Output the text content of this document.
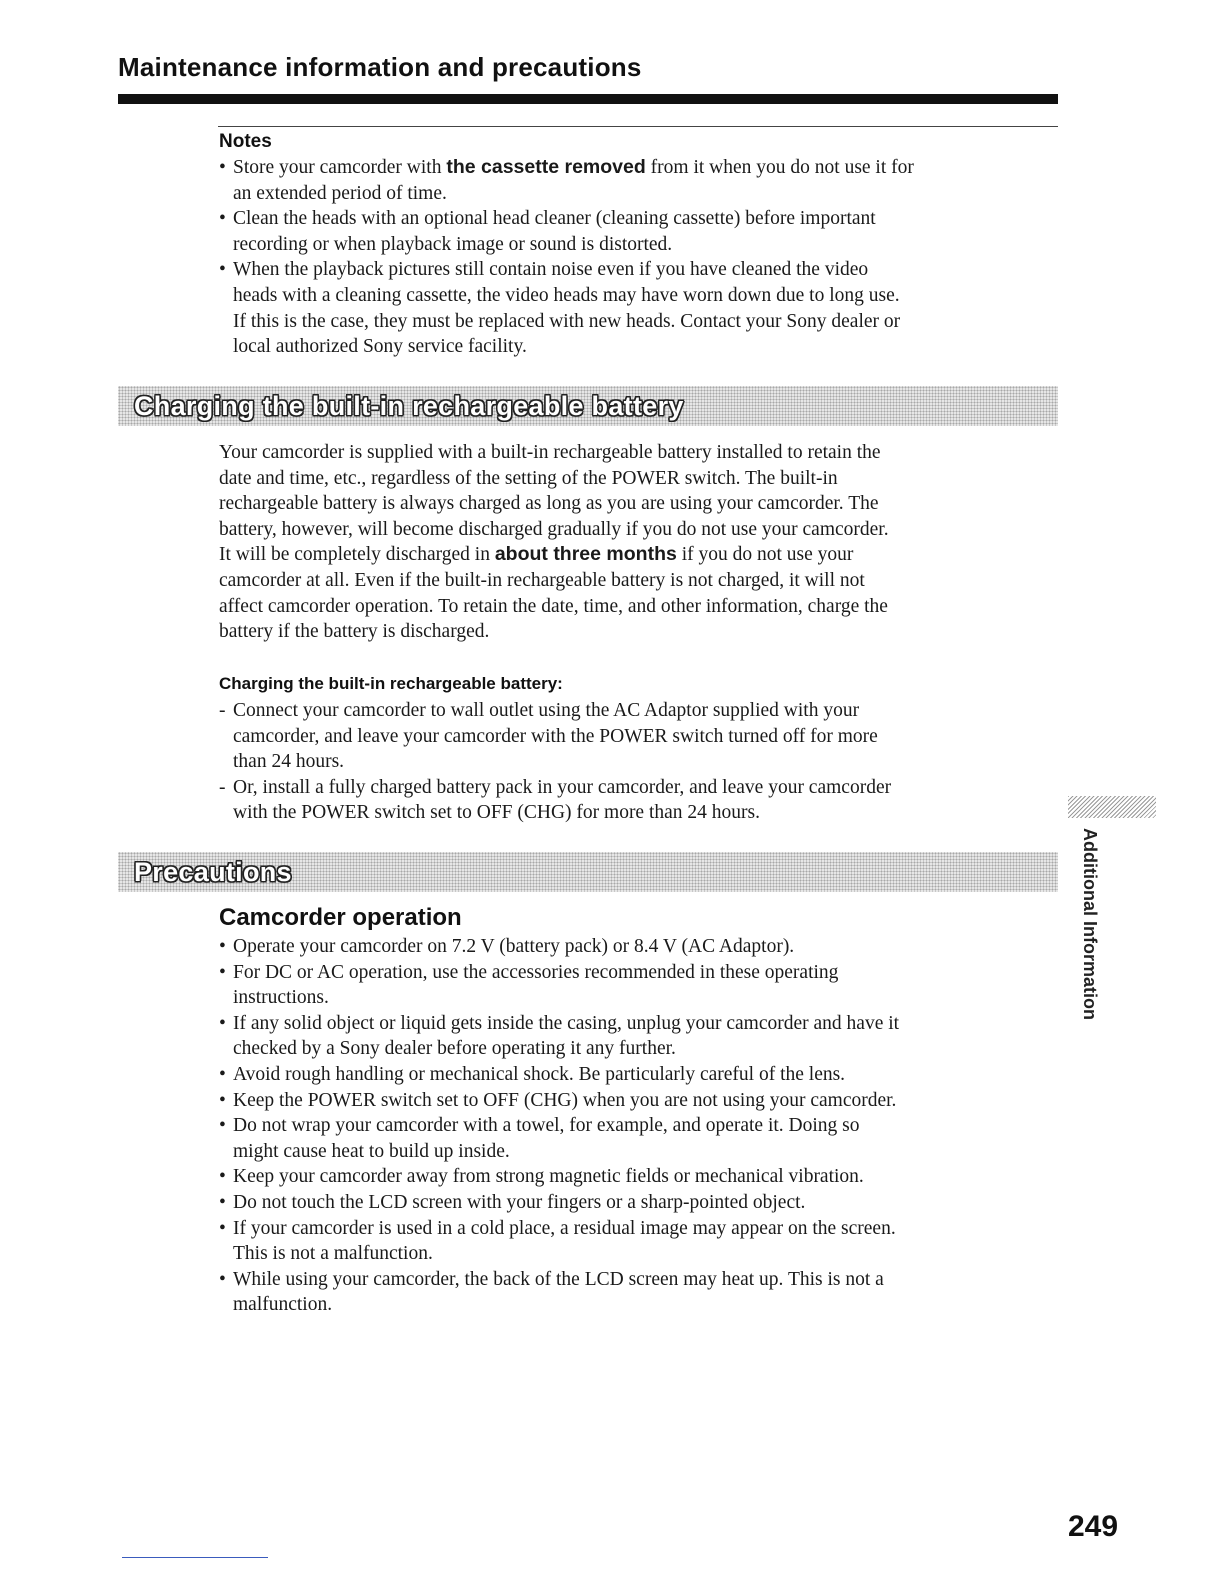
Maintenance information and precautions
Notes
• Store your camcorder with the cassette removed from it when you do not use it for
an extended period of time.
• Clean the heads with an optional head cleaner (cleaning cassette) before important
recording or when playback image or sound is distorted.
• When the playback pictures still contain noise even if you have cleaned the video
heads with a cleaning cassette, the video heads may have worn down due to long use.
If this is the case, they must be replaced with new heads. Contact your Sony dealer or
local authorized Sony service facility.
Charging the built-in rechargeable battery

Your camcorder is supplied with a built-in rechargeable battery installed to retain the
date and time, etc., regardless of the setting of the POWER switch. The built-in
rechargeable battery is always charged as long as you are using your camcorder. The
battery, however, will become discharged gradually if you do not use your camcorder.
It will be completely discharged in about three months if you do not use your
camcorder at all. Even if the built-in rechargeable battery is not charged, it will not
affect camcorder operation. To retain the date, time, and other information, charge the
battery if the battery is discharged.

Charging the built-in rechargeable battery:
- Connect your camcorder to wall outlet using the AC Adaptor supplied with your
camcorder, and leave your camcorder with the POWER switch turned off for more
than 24 hours.
- Or, install a fully charged battery pack in your camcorder, and leave your camcorder
with the POWER switch set to OFF (CHG) for more than 24 hours.
Precautions
Camcorder operation
• Operate your camcorder on 7.2 V (battery pack) or 8.4 V (AC Adaptor).
• For DC or AC operation, use the accessories recommended in these operating
instructions.
• If any solid object or liquid gets inside the casing, unplug your camcorder and have it
checked by a Sony dealer before operating it any further.
• Avoid rough handling or mechanical shock. Be particularly careful of the lens.
• Keep the POWER switch set to OFF (CHG) when you are not using your camcorder.
• Do not wrap your camcorder with a towel, for example, and operate it. Doing so
might cause heat to build up inside.
• Keep your camcorder away from strong magnetic fields or mechanical vibration.
• Do not touch the LCD screen with your fingers or a sharp-pointed object.
• If your camcorder is used in a cold place, a residual image may appear on the screen.
This is not a malfunction.
• While using your camcorder, the back of the LCD screen may heat up. This is not a
malfunction.
Additional Information
249
